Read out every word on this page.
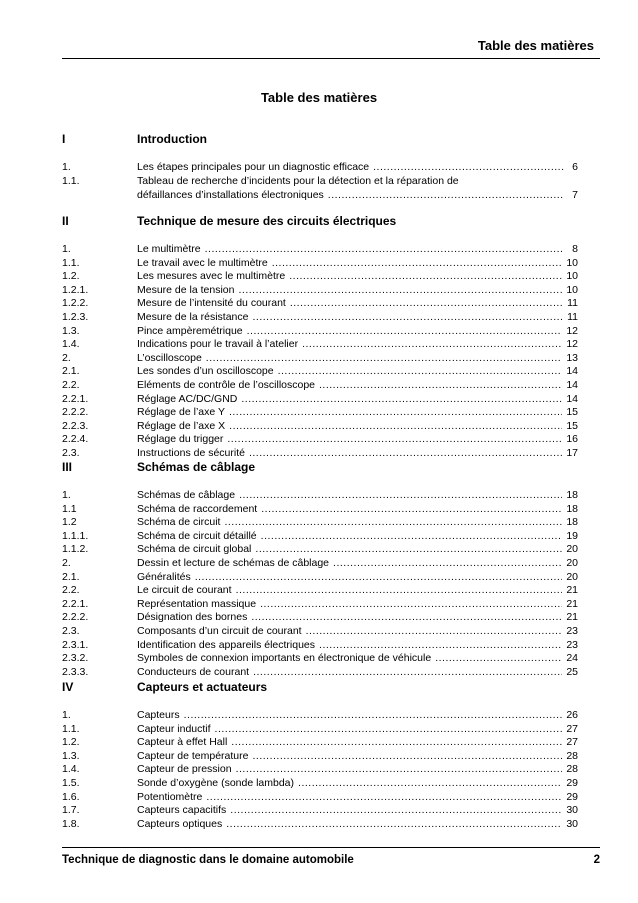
Table des matières
Table des matières
I	Introduction
1.	Les étapes principales pour un diagnostic efficace .....	6
1.1.	Tableau de recherche d’incidents pour la détection et la réparation de
défaillances d’installations électroniques .....	7
II	Technique de mesure des circuits électriques
1.	Le multimètre .....	8
1.1.	Le travail avec le multimètre .....	10
1.2.	Les mesures avec le multimètre .....	10
1.2.1.	Mesure de la tension .....	10
1.2.2.	Mesure de l’intensité du courant .....	11
1.2.3.	Mesure de la résistance .....	11
1.3.	Pince ampèremétrique .....	12
1.4.	Indications pour le travail à l’atelier .....	12
2.	L’oscilloscope .....	13
2.1.	Les sondes d’un oscilloscope .....	14
2.2.	Eléments de contrôle de l’oscilloscope .....	14
2.2.1.	Réglage AC/DC/GND .....	14
2.2.2.	Réglage de l’axe Y .....	15
2.2.3.	Réglage de l’axe X .....	15
2.2.4.	Réglage du trigger .....	16
2.3.	Instructions de sécurité .....	17
III	Schémas de câblage
1.	Schémas de câblage .....	18
1.1	Schéma de raccordement .....	18
1.2	Schéma de circuit .....	18
1.1.1.	Schéma de circuit détaillé .....	19
1.1.2.	Schéma de circuit global .....	20
2.	Dessin et lecture de schémas de câblage .....	20
2.1.	Généralités .....	20
2.2.	Le circuit de courant .....	21
2.2.1.	Représentation massique .....	21
2.2.2.	Désignation des bornes .....	21
2.3.	Composants d’un circuit de courant .....	23
2.3.1.	Identification des appareils électriques .....	23
2.3.2.	Symboles de connexion importants en électronique de véhicule .....	24
2.3.3.	Conducteurs de courant .....	25
IV	Capteurs et actuateurs
1.	Capteurs .....	26
1.1.	Capteur inductif .....	27
1.2.	Capteur à effet Hall .....	27
1.3.	Capteur de température .....	28
1.4.	Capteur de pression .....	28
1.5.	Sonde d’oxygène (sonde lambda) .....	29
1.6.	Potentiomètre .....	29
1.7.	Capteurs capacitifs .....	30
1.8.	Capteurs optiques .....	30
Technique de diagnostic dans le domaine automobile	2
